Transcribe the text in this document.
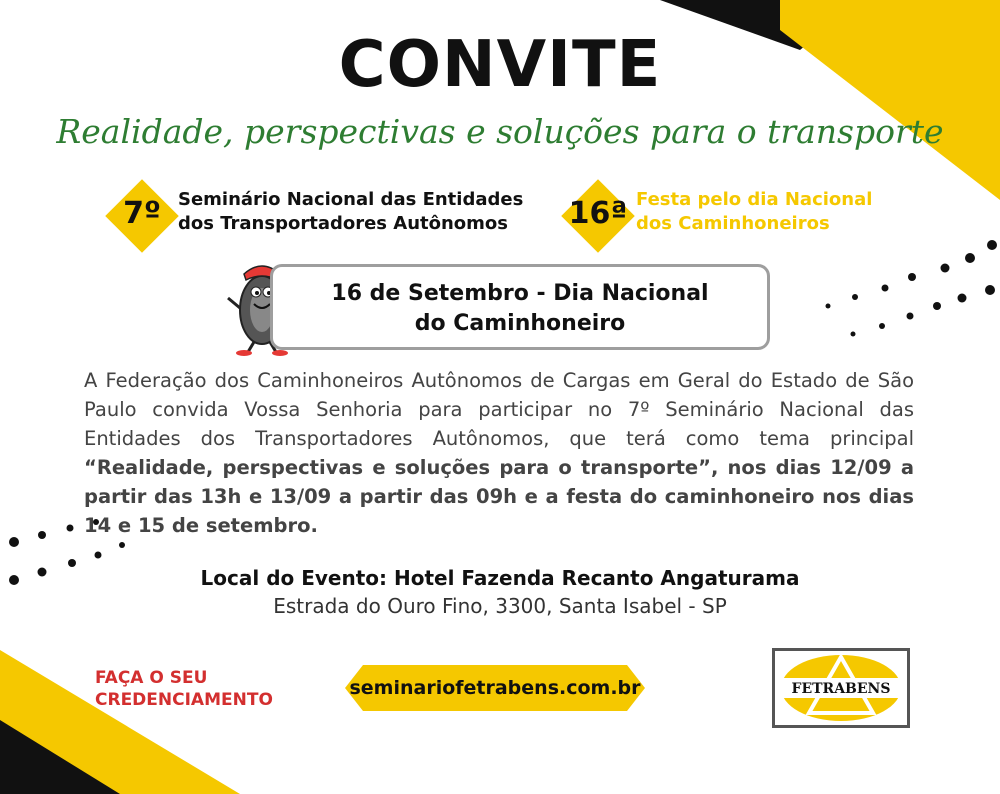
CONVITE
Realidade, perspectivas e soluções para o transporte
7º Seminário Nacional das Entidades
dos Transportadores Autônomos	16ª Festa pelo dia Nacional
dos Caminhoneiros
16 de Setembro - Dia Nacional
do Caminhoneiro
A Federação dos Caminhoneiros Autônomos de Cargas em Geral do Estado de São Paulo convida Vossa Senhoria para participar no 7º Seminário Nacional das Entidades dos Transportadores Autônomos, que terá como tema principal “Realidade, perspectivas e soluções para o transporte”, nos dias 12/09 a partir das 13h e 13/09 a partir das 09h e a festa do caminhoneiro nos dias 14 e 15 de setembro.
Local do Evento: Hotel Fazenda Recanto Angaturama
Estrada do Ouro Fino, 3300, Santa Isabel - SP
FAÇA O SEU
CREDENCIAMENTO
seminariofetrabens.com.br	FETRABENS
